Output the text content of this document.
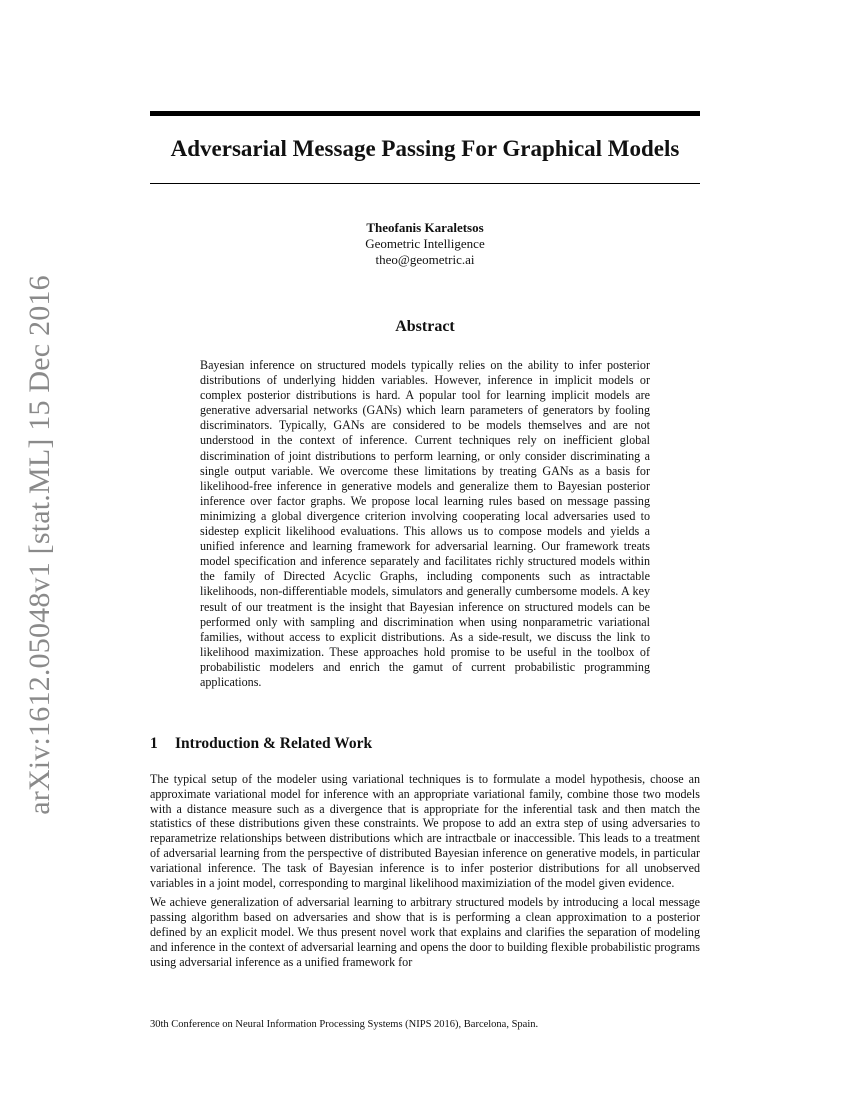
arXiv:1612.05048v1 [stat.ML] 15 Dec 2016
Adversarial Message Passing For Graphical Models
Theofanis Karaletsos
Geometric Intelligence
theo@geometric.ai
Abstract

Bayesian inference on structured models typically relies on the ability to infer posterior distributions of underlying hidden variables. However, inference in implicit models or complex posterior distributions is hard. A popular tool for learning implicit models are generative adversarial networks (GANs) which learn parameters of generators by fooling discriminators. Typically, GANs are considered to be models themselves and are not understood in the context of inference. Current techniques rely on inefficient global discrimination of joint distributions to perform learning, or only consider discriminating a single output variable. We overcome these limitations by treating GANs as a basis for likelihood-free inference in generative models and generalize them to Bayesian posterior inference over factor graphs. We propose local learning rules based on message passing minimizing a global divergence criterion involving cooperating local adversaries used to sidestep explicit likelihood evaluations. This allows us to compose models and yields a unified inference and learning framework for adversarial learning. Our framework treats model specification and inference separately and facilitates richly structured models within the family of Directed Acyclic Graphs, including components such as intractable likelihoods, non-differentiable models, simulators and generally cumbersome models. A key result of our treatment is the insight that Bayesian inference on structured models can be performed only with sampling and discrimination when using nonparametric variational families, without access to explicit distributions. As a side-result, we discuss the link to likelihood maximization. These approaches hold promise to be useful in the toolbox of probabilistic modelers and enrich the gamut of current probabilistic programming applications.

1 Introduction & Related Work

The typical setup of the modeler using variational techniques is to formulate a model hypothesis, choose an approximate variational model for inference with an appropriate variational family, combine those two models with a distance measure such as a divergence that is appropriate for the inferential task and then match the statistics of these distributions given these constraints. We propose to add an extra step of using adversaries to reparametrize relationships between distributions which are intractbale or inaccessible. This leads to a treatment of adversarial learning from the perspective of distributed Bayesian inference on generative models, in particular variational inference. The task of Bayesian inference is to infer posterior distributions for all unobserved variables in a joint model, corresponding to marginal likelihood maximiziation of the model given evidence.

We achieve generalization of adversarial learning to arbitrary structured models by introducing a local message passing algorithm based on adversaries and show that is is performing a clean approximation to a posterior defined by an explicit model. We thus present novel work that explains and clarifies the separation of modeling and inference in the context of adversarial learning and opens the door to building flexible probabilistic programs using adversarial inference as a unified framework for

30th Conference on Neural Information Processing Systems (NIPS 2016), Barcelona, Spain.
